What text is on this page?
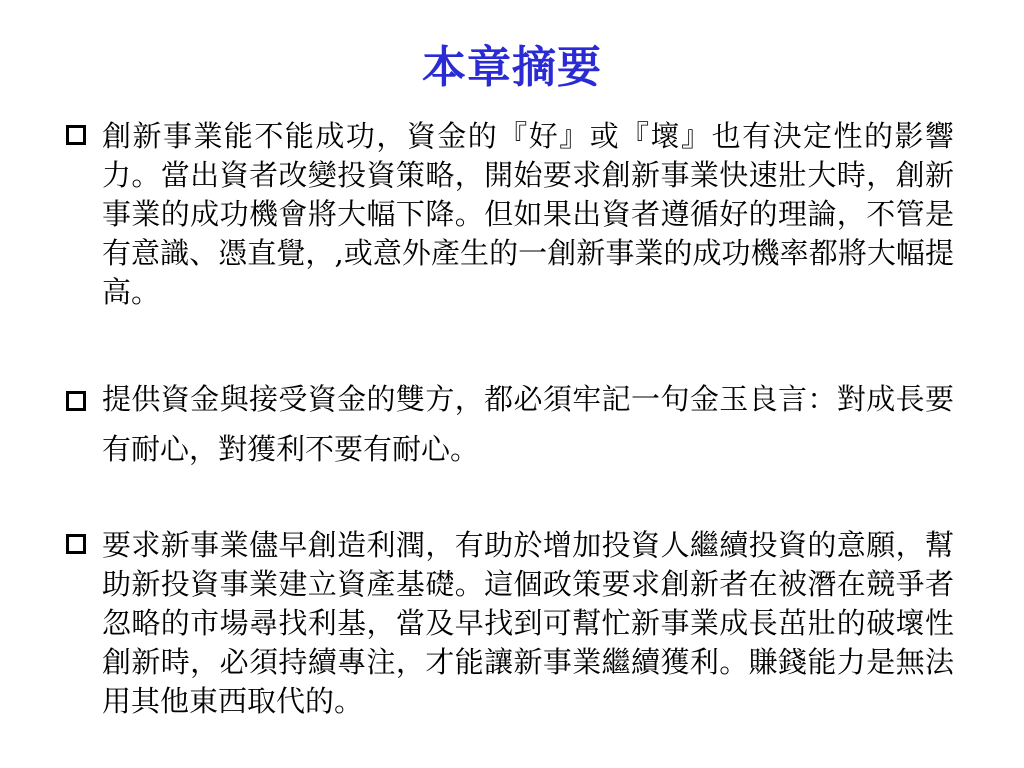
本章摘要
創新事業能不能成功，資金的『好』或『壞』也有決定性的影響力。當出資者改變投資策略，開始要求創新事業快速壯大時，創新事業的成功機會將大幅下降。但如果出資者遵循好的理論，不管是有意識、憑直覺，,或意外產生的一創新事業的成功機率都將大幅提高。
提供資金與接受資金的雙方，都必須牢記一句金玉良言：對成長要有耐心，對獲利不要有耐心。
要求新事業儘早創造利潤，有助於增加投資人繼續投資的意願，幫助新投資事業建立資產基礎。這個政策要求創新者在被潛在競爭者忽略的市場尋找利基，當及早找到可幫忙新事業成長茁壯的破壞性創新時，必須持續專注，才能讓新事業繼續獲利。賺錢能力是無法用其他東西取代的。
